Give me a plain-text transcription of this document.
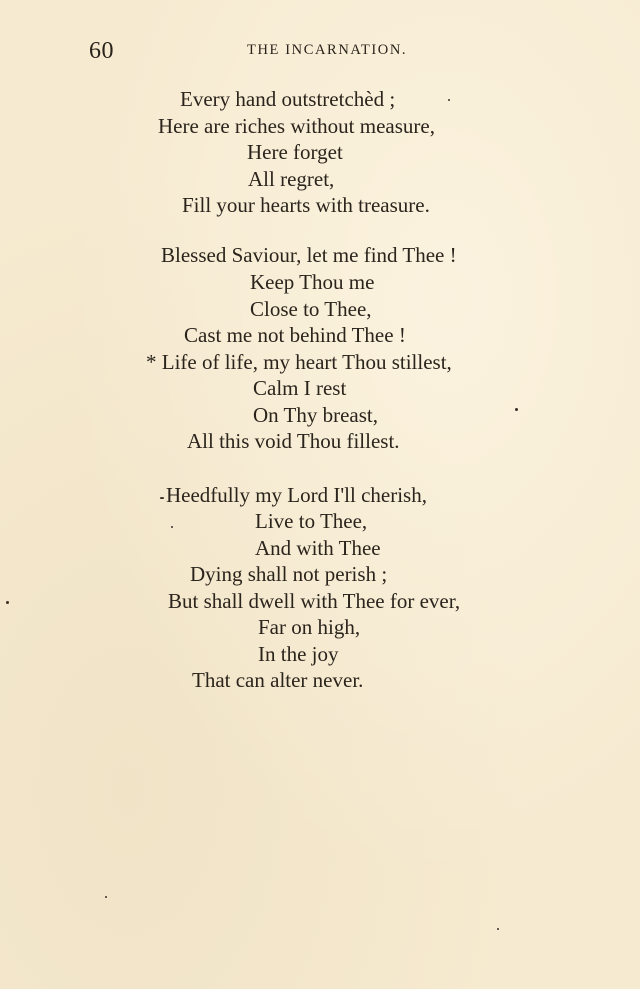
60	THE INCARNATION.
Every hand outstretchèd ;
Here are riches without measure,
Here forget
All regret,
Fill your hearts with treasure.
Blessed Saviour, let me find Thee !
Keep Thou me
Close to Thee,
Cast me not behind Thee !
* Life of life, my heart Thou stillest,
Calm I rest
On Thy breast,
All this void Thou fillest.
Heedfully my Lord I'll cherish,
Live to Thee,
And with Thee
Dying shall not perish ;
But shall dwell with Thee for ever,
Far on high,
In the joy
That can alter never.
